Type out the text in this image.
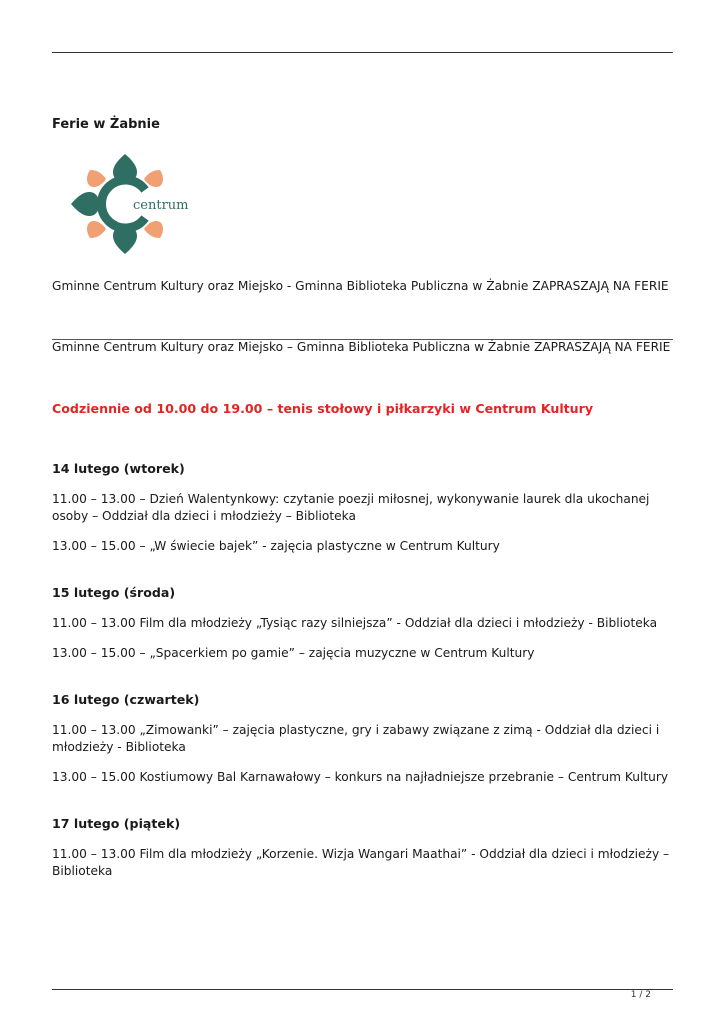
Ferie w Żabnie
centrum

Gminne Centrum Kultury oraz Miejsko - Gminna Biblioteka Publiczna w Żabnie ZAPRASZAJĄ NA FERIE

Gminne Centrum Kultury oraz Miejsko – Gminna Biblioteka Publiczna w Żabnie ZAPRASZAJĄ NA FERIE

Codziennie od 10.00 do 19.00 – tenis stołowy i piłkarzyki w Centrum Kultury

14 lutego (wtorek)

11.00 – 13.00 – Dzień Walentynkowy: czytanie poezji miłosnej, wykonywanie laurek dla ukochanej osoby – Oddział dla dzieci i młodzieży – Biblioteka

13.00 – 15.00 – „W świecie bajek” - zajęcia plastyczne w Centrum Kultury

15 lutego (środa)

11.00 – 13.00 Film dla młodzieży „Tysiąc razy silniejsza” - Oddział dla dzieci i młodzieży - Biblioteka

13.00 – 15.00 – „Spacerkiem po gamie” – zajęcia muzyczne w Centrum Kultury

16 lutego (czwartek)

11.00 – 13.00 „Zimowanki” – zajęcia plastyczne, gry i zabawy związane z zimą - Oddział dla dzieci i młodzieży - Biblioteka

13.00 – 15.00 Kostiumowy Bal Karnawałowy – konkurs na najładniejsze przebranie – Centrum Kultury

17 lutego (piątek)

11.00 – 13.00 Film dla młodzieży „Korzenie. Wizja Wangari Maathai” - Oddział dla dzieci i młodzieży – Biblioteka

1 / 2
